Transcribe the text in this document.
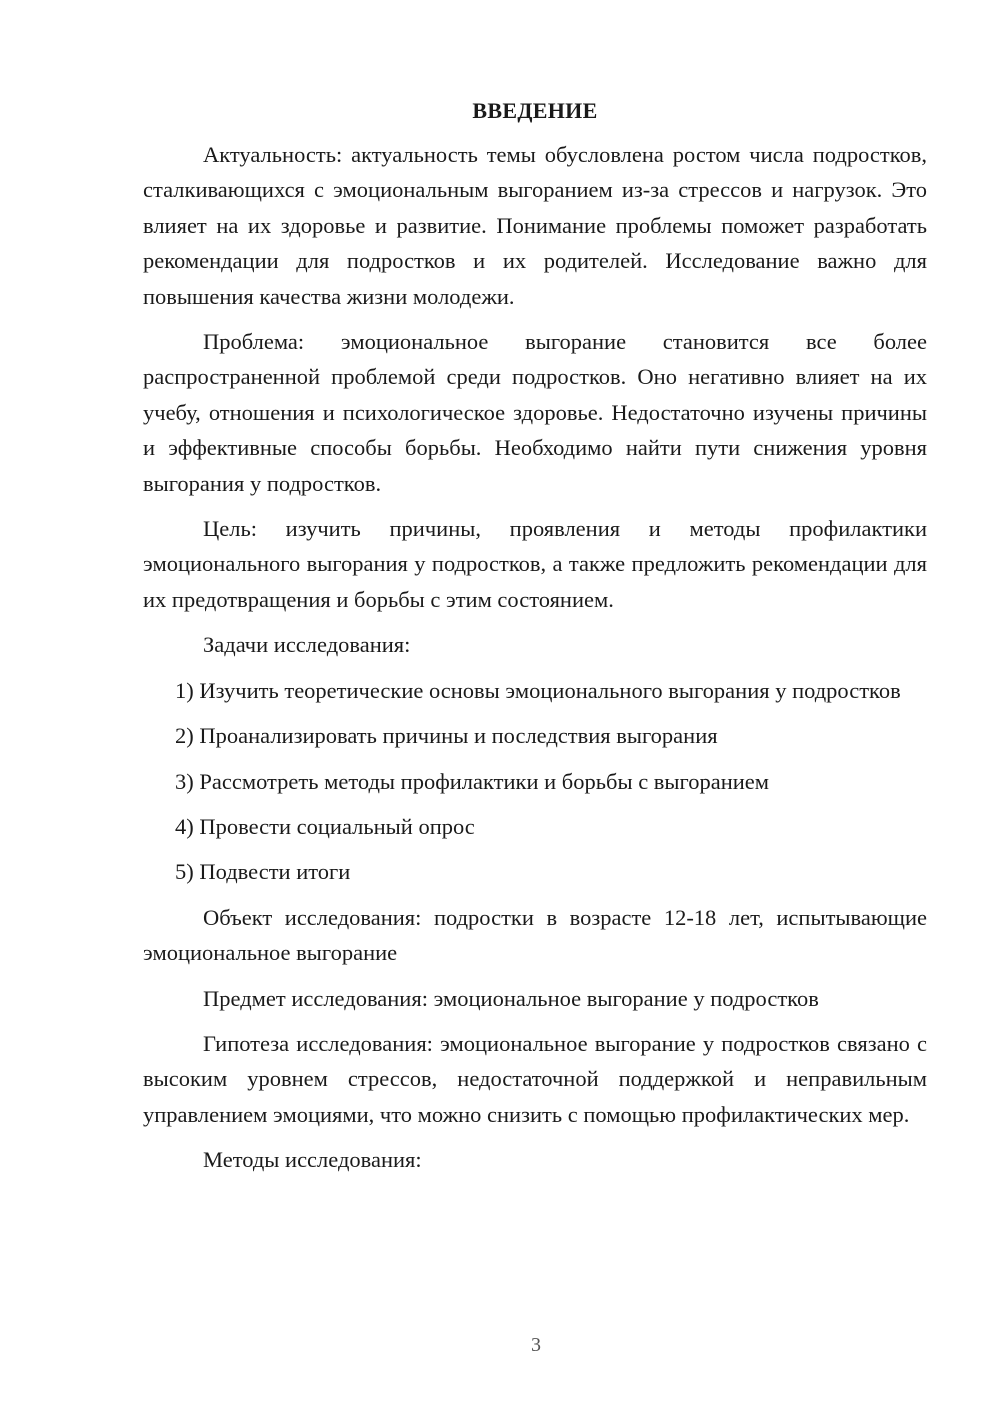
ВВЕДЕНИЕ

Актуальность: актуальность темы обусловлена ростом числа подростков, сталкивающихся с эмоциональным выгоранием из-за стрессов и нагрузок. Это влияет на их здоровье и развитие. Понимание проблемы поможет разработать рекомендации для подростков и их родителей. Исследование важно для повышения качества жизни молодежи.

Проблема: эмоциональное выгорание становится все более распространенной проблемой среди подростков. Оно негативно влияет на их учебу, отношения и психологическое здоровье. Недостаточно изучены причины и эффективные способы борьбы. Необходимо найти пути снижения уровня выгорания у подростков.

Цель: изучить причины, проявления и методы профилактики эмоционального выгорания у подростков, а также предложить рекомендации для их предотвращения и борьбы с этим состоянием.

Задачи исследования:

1) Изучить теоретические основы эмоционального выгорания у подростков

2) Проанализировать причины и последствия выгорания

3) Рассмотреть методы профилактики и борьбы с выгоранием

4) Провести социальный опрос

5) Подвести итоги

Объект исследования: подростки в возрасте 12-18 лет, испытывающие эмоциональное выгорание

Предмет исследования: эмоциональное выгорание у подростков

Гипотеза исследования: эмоциональное выгорание у подростков связано с высоким уровнем стрессов, недостаточной поддержкой и неправильным управлением эмоциями, что можно снизить с помощью профилактических мер.

Методы исследования:

3
